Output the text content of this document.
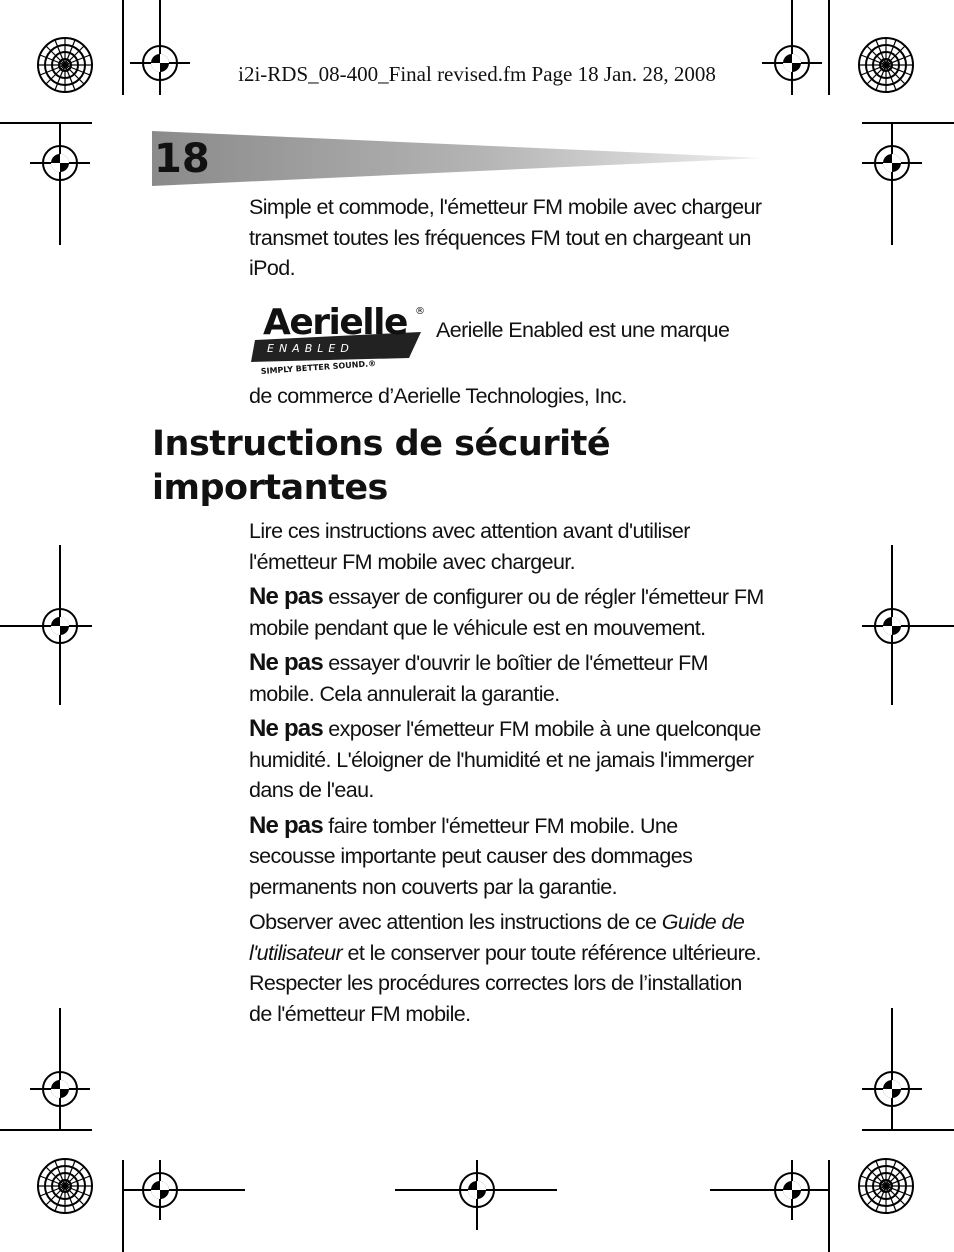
i2i-RDS_08-400_Final revised.fm Page 18 Jan. 28, 2008
18

Simple et commode, l'émetteur FM mobile avec chargeur transmet toutes les fréquences FM tout en chargeant un iPod.

Aerielle ®
ENABLED
SIMPLY BETTER SOUND.®
Aerielle Enabled est une marque
de commerce d’Aerielle Technologies, Inc.
Instructions de sécurité importantes

Lire ces instructions avec attention avant d'utiliser l'émetteur FM mobile avec chargeur.

Ne pas essayer de configurer ou de régler l'émetteur FM mobile pendant que le véhicule est en mouvement.

Ne pas essayer d'ouvrir le boîtier de l'émetteur FM mobile. Cela annulerait la garantie.

Ne pas exposer l'émetteur FM mobile à une quelconque humidité. L'éloigner de l'humidité et ne jamais l'immerger dans de l'eau.

Ne pas faire tomber l'émetteur FM mobile. Une secousse importante peut causer des dommages permanents non couverts par la garantie.

Observer avec attention les instructions de ce Guide de l'utilisateur et le conserver pour toute référence ultérieure. Respecter les procédures correctes lors de l’installation de l'émetteur FM mobile.
